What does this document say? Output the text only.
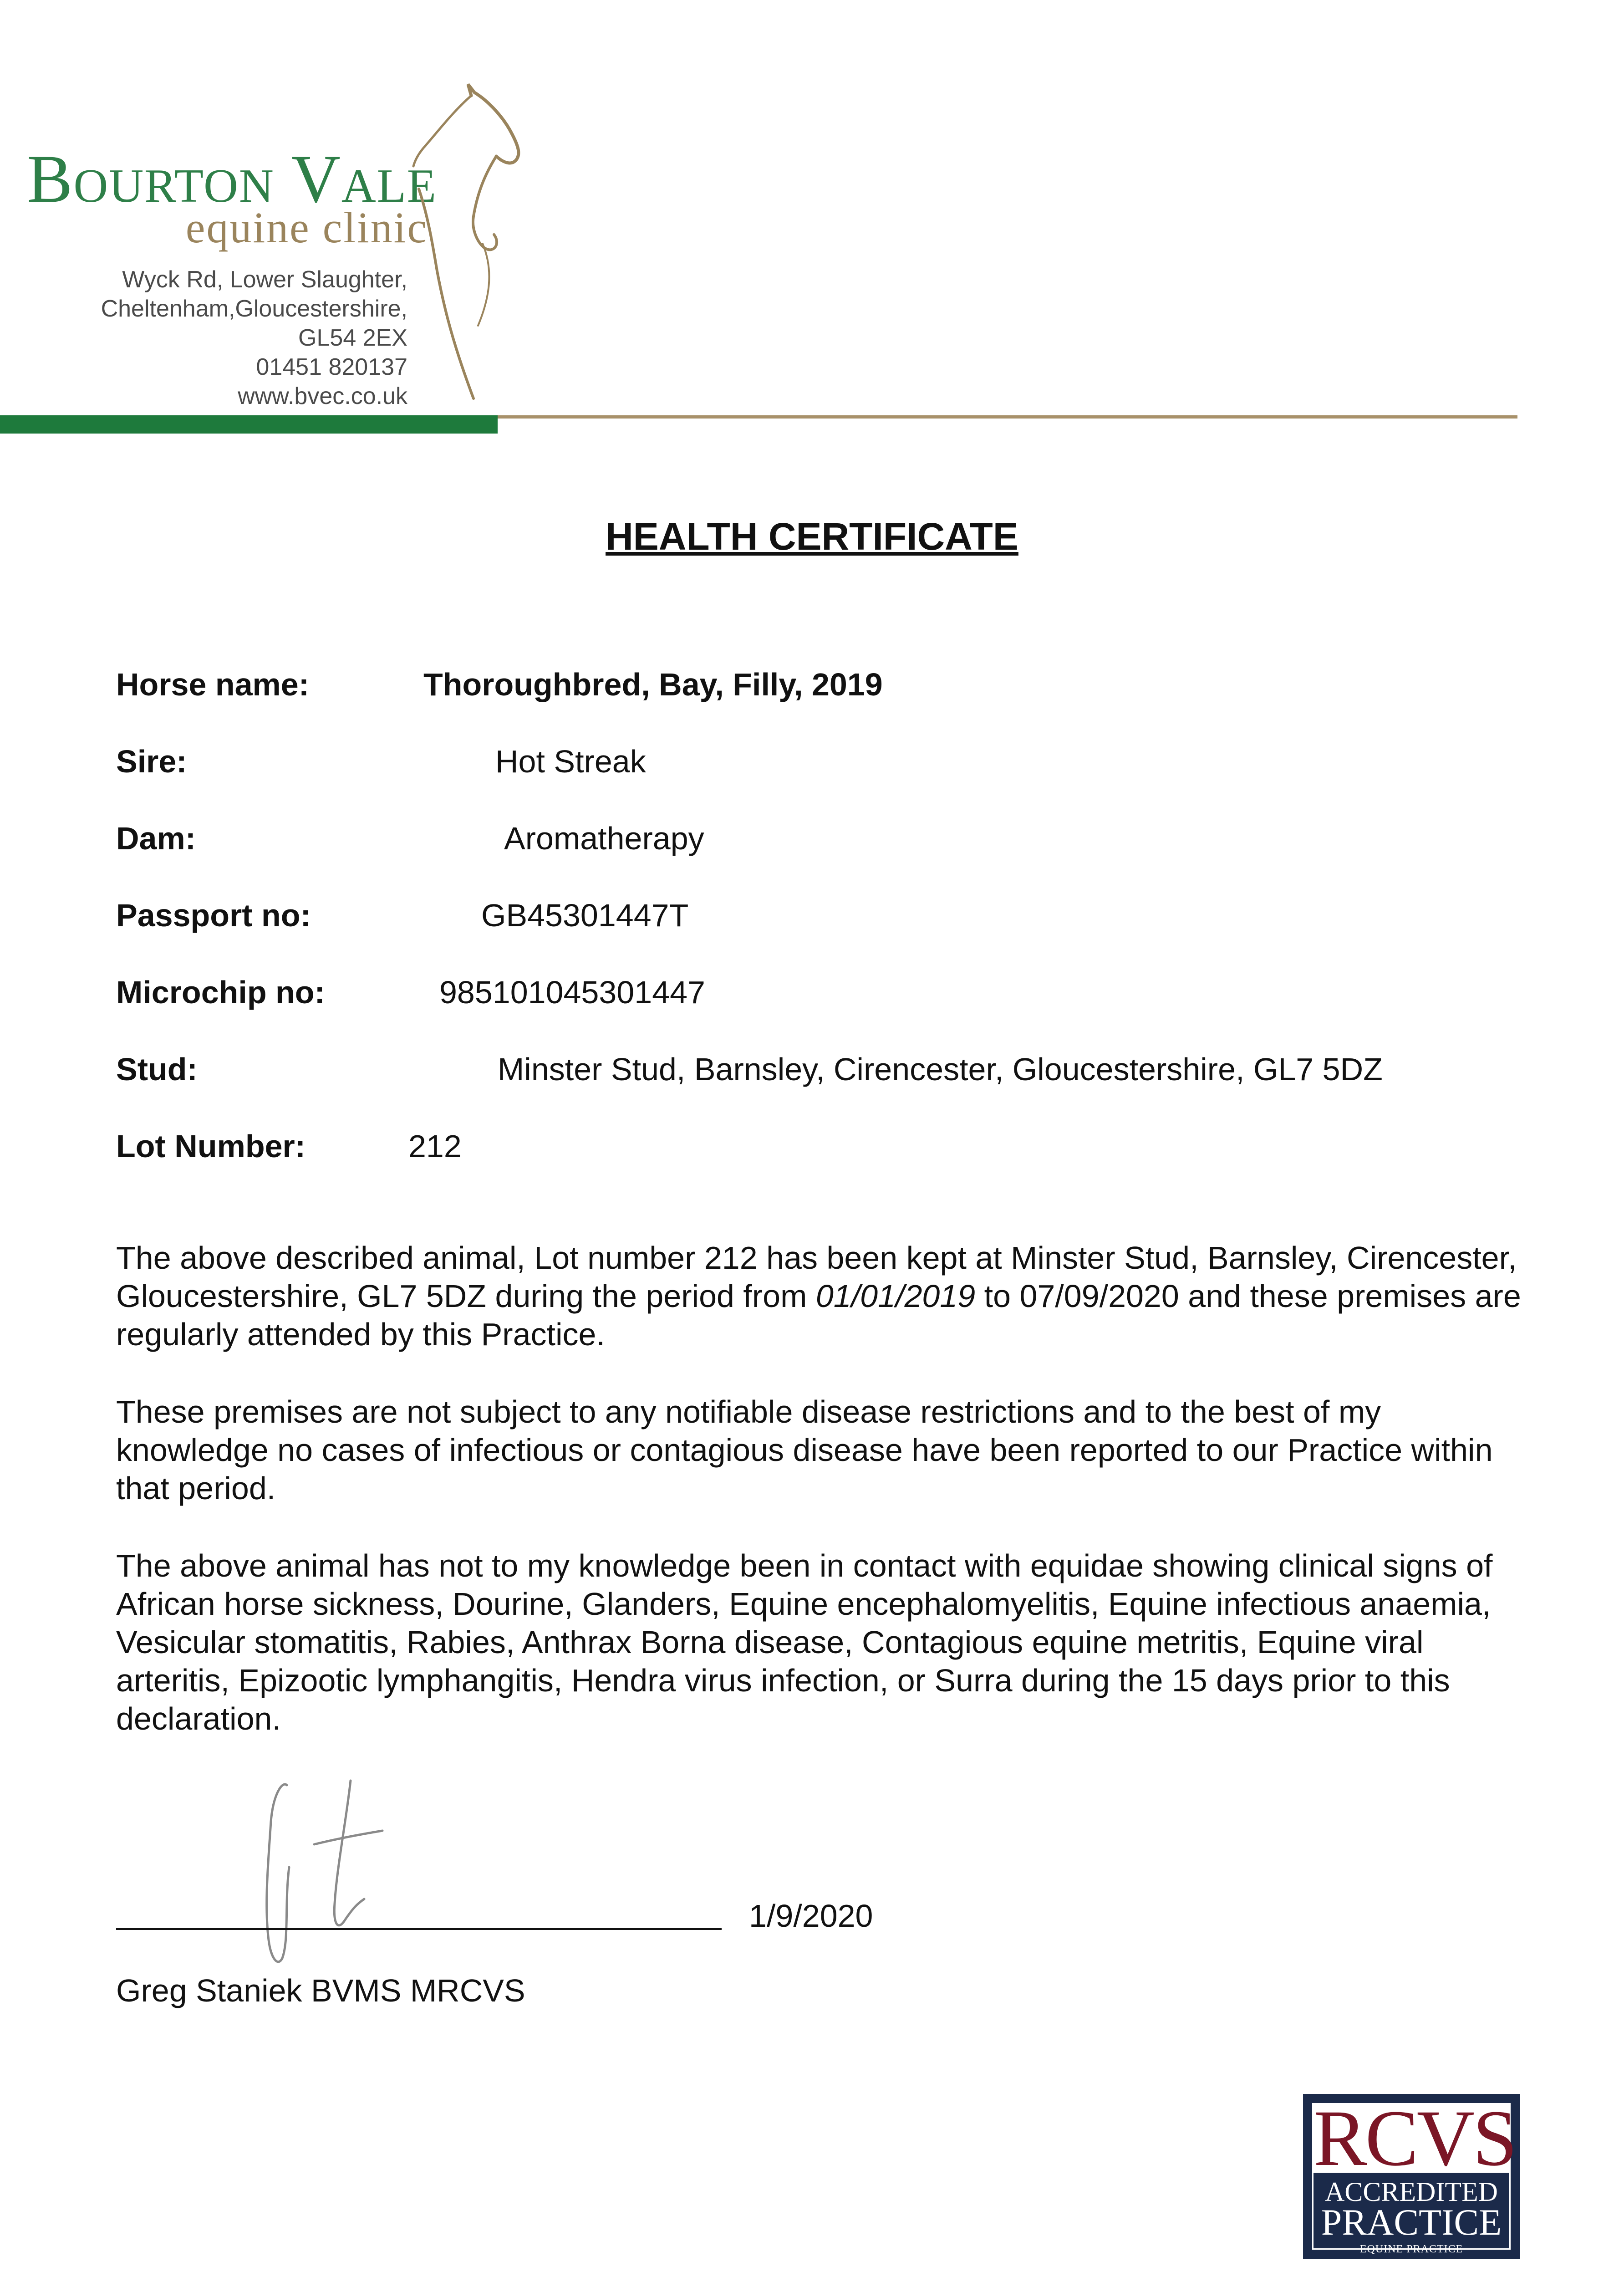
Bourton Vale
equine clinic
Wyck Rd, Lower Slaughter,
Cheltenham,Gloucestershire,
GL54 2EX
01451 820137
www.bvec.co.uk
HEALTH CERTIFICATE
Horse name:	Thoroughbred, Bay, Filly, 2019
Sire:	Hot Streak
Dam:	Aromatherapy
Passport no:	GB45301447T
Microchip no:	985101045301447
Stud:	Minster Stud, Barnsley, Cirencester, Gloucestershire, GL7 5DZ
Lot Number:	212

The above described animal, Lot number 212 has been kept at Minster Stud, Barnsley, Cirencester, Gloucestershire, GL7 5DZ during the period from 01/01/2019 to 07/09/2020 and these premises are regularly attended by this Practice.

These premises are not subject to any notifiable disease restrictions and to the best of my knowledge no cases of infectious or contagious disease have been reported to our Practice within that period.

The above animal has not to my knowledge been in contact with equidae showing clinical signs of African horse sickness, Dourine, Glanders, Equine encephalomyelitis, Equine infectious anaemia, Vesicular stomatitis, Rabies, Anthrax Borna disease, Contagious equine metritis, Equine viral arteritis, Epizootic lymphangitis, Hendra virus infection, or Surra during the 15 days prior to this declaration.

1/9/2020
Greg Staniek BVMS MRCVS
RCVS
ACCREDITED
PRACTICE
EQUINE PRACTICE
